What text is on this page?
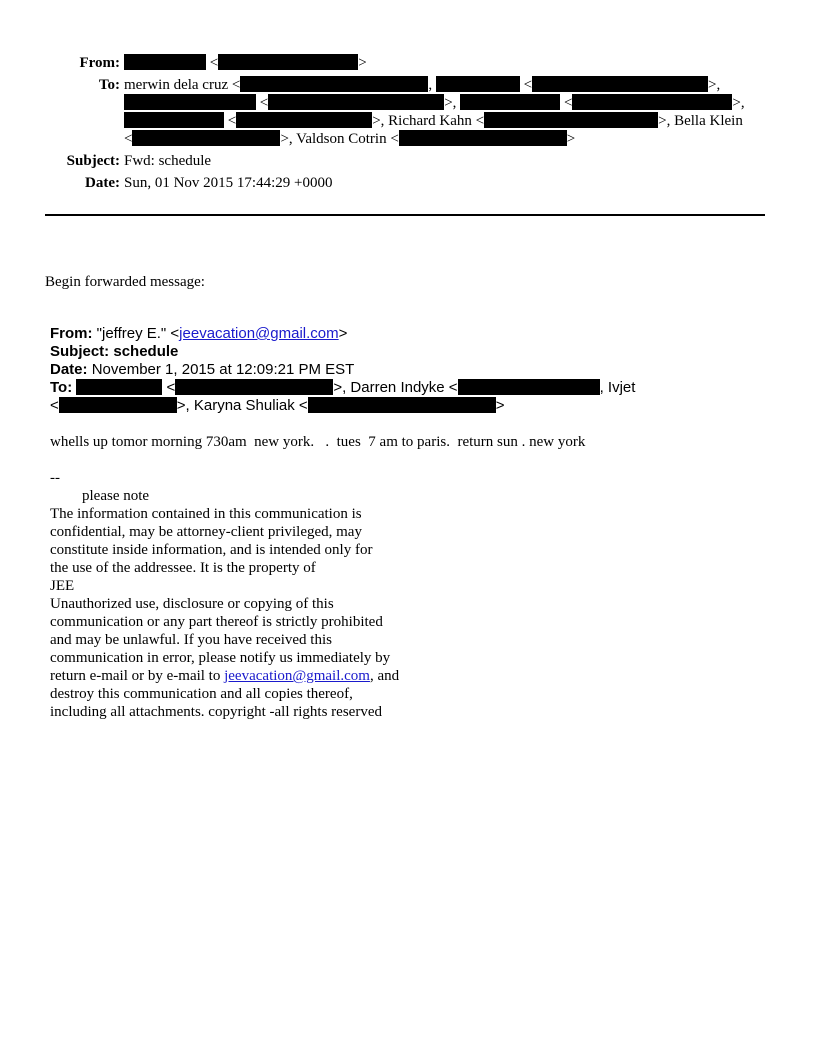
From:	<	>
To: merwin dela cruz <	,	<	>,
<	>,	<	>,
<	>, Richard Kahn <	>, Bella Klein
<	>, Valdson Cotrin <	>
Subject: Fwd: schedule
Date: Sun, 01 Nov 2015 17:44:29 +0000
Begin forwarded message:
From: "jeffrey E." <jeevacation@gmail.com>
Subject: schedule
Date: November 1, 2015 at 12:09:21 PM EST
To:	<	>, Darren Indyke <	, Ivjet
<	>, Karyna Shuliak <	>
whells up tomor morning 730am  new york.   .  tues  7 am to paris.  return sun . new york
--
please note
The information contained in this communication is
confidential, may be attorney-client privileged, may
constitute inside information, and is intended only for
the use of the addressee. It is the property of
JEE
Unauthorized use, disclosure or copying of this
communication or any part thereof is strictly prohibited
and may be unlawful. If you have received this
communication in error, please notify us immediately by
return e-mail or by e-mail to jeevacation@gmail.com, and
destroy this communication and all copies thereof,
including all attachments. copyright -all rights reserved
